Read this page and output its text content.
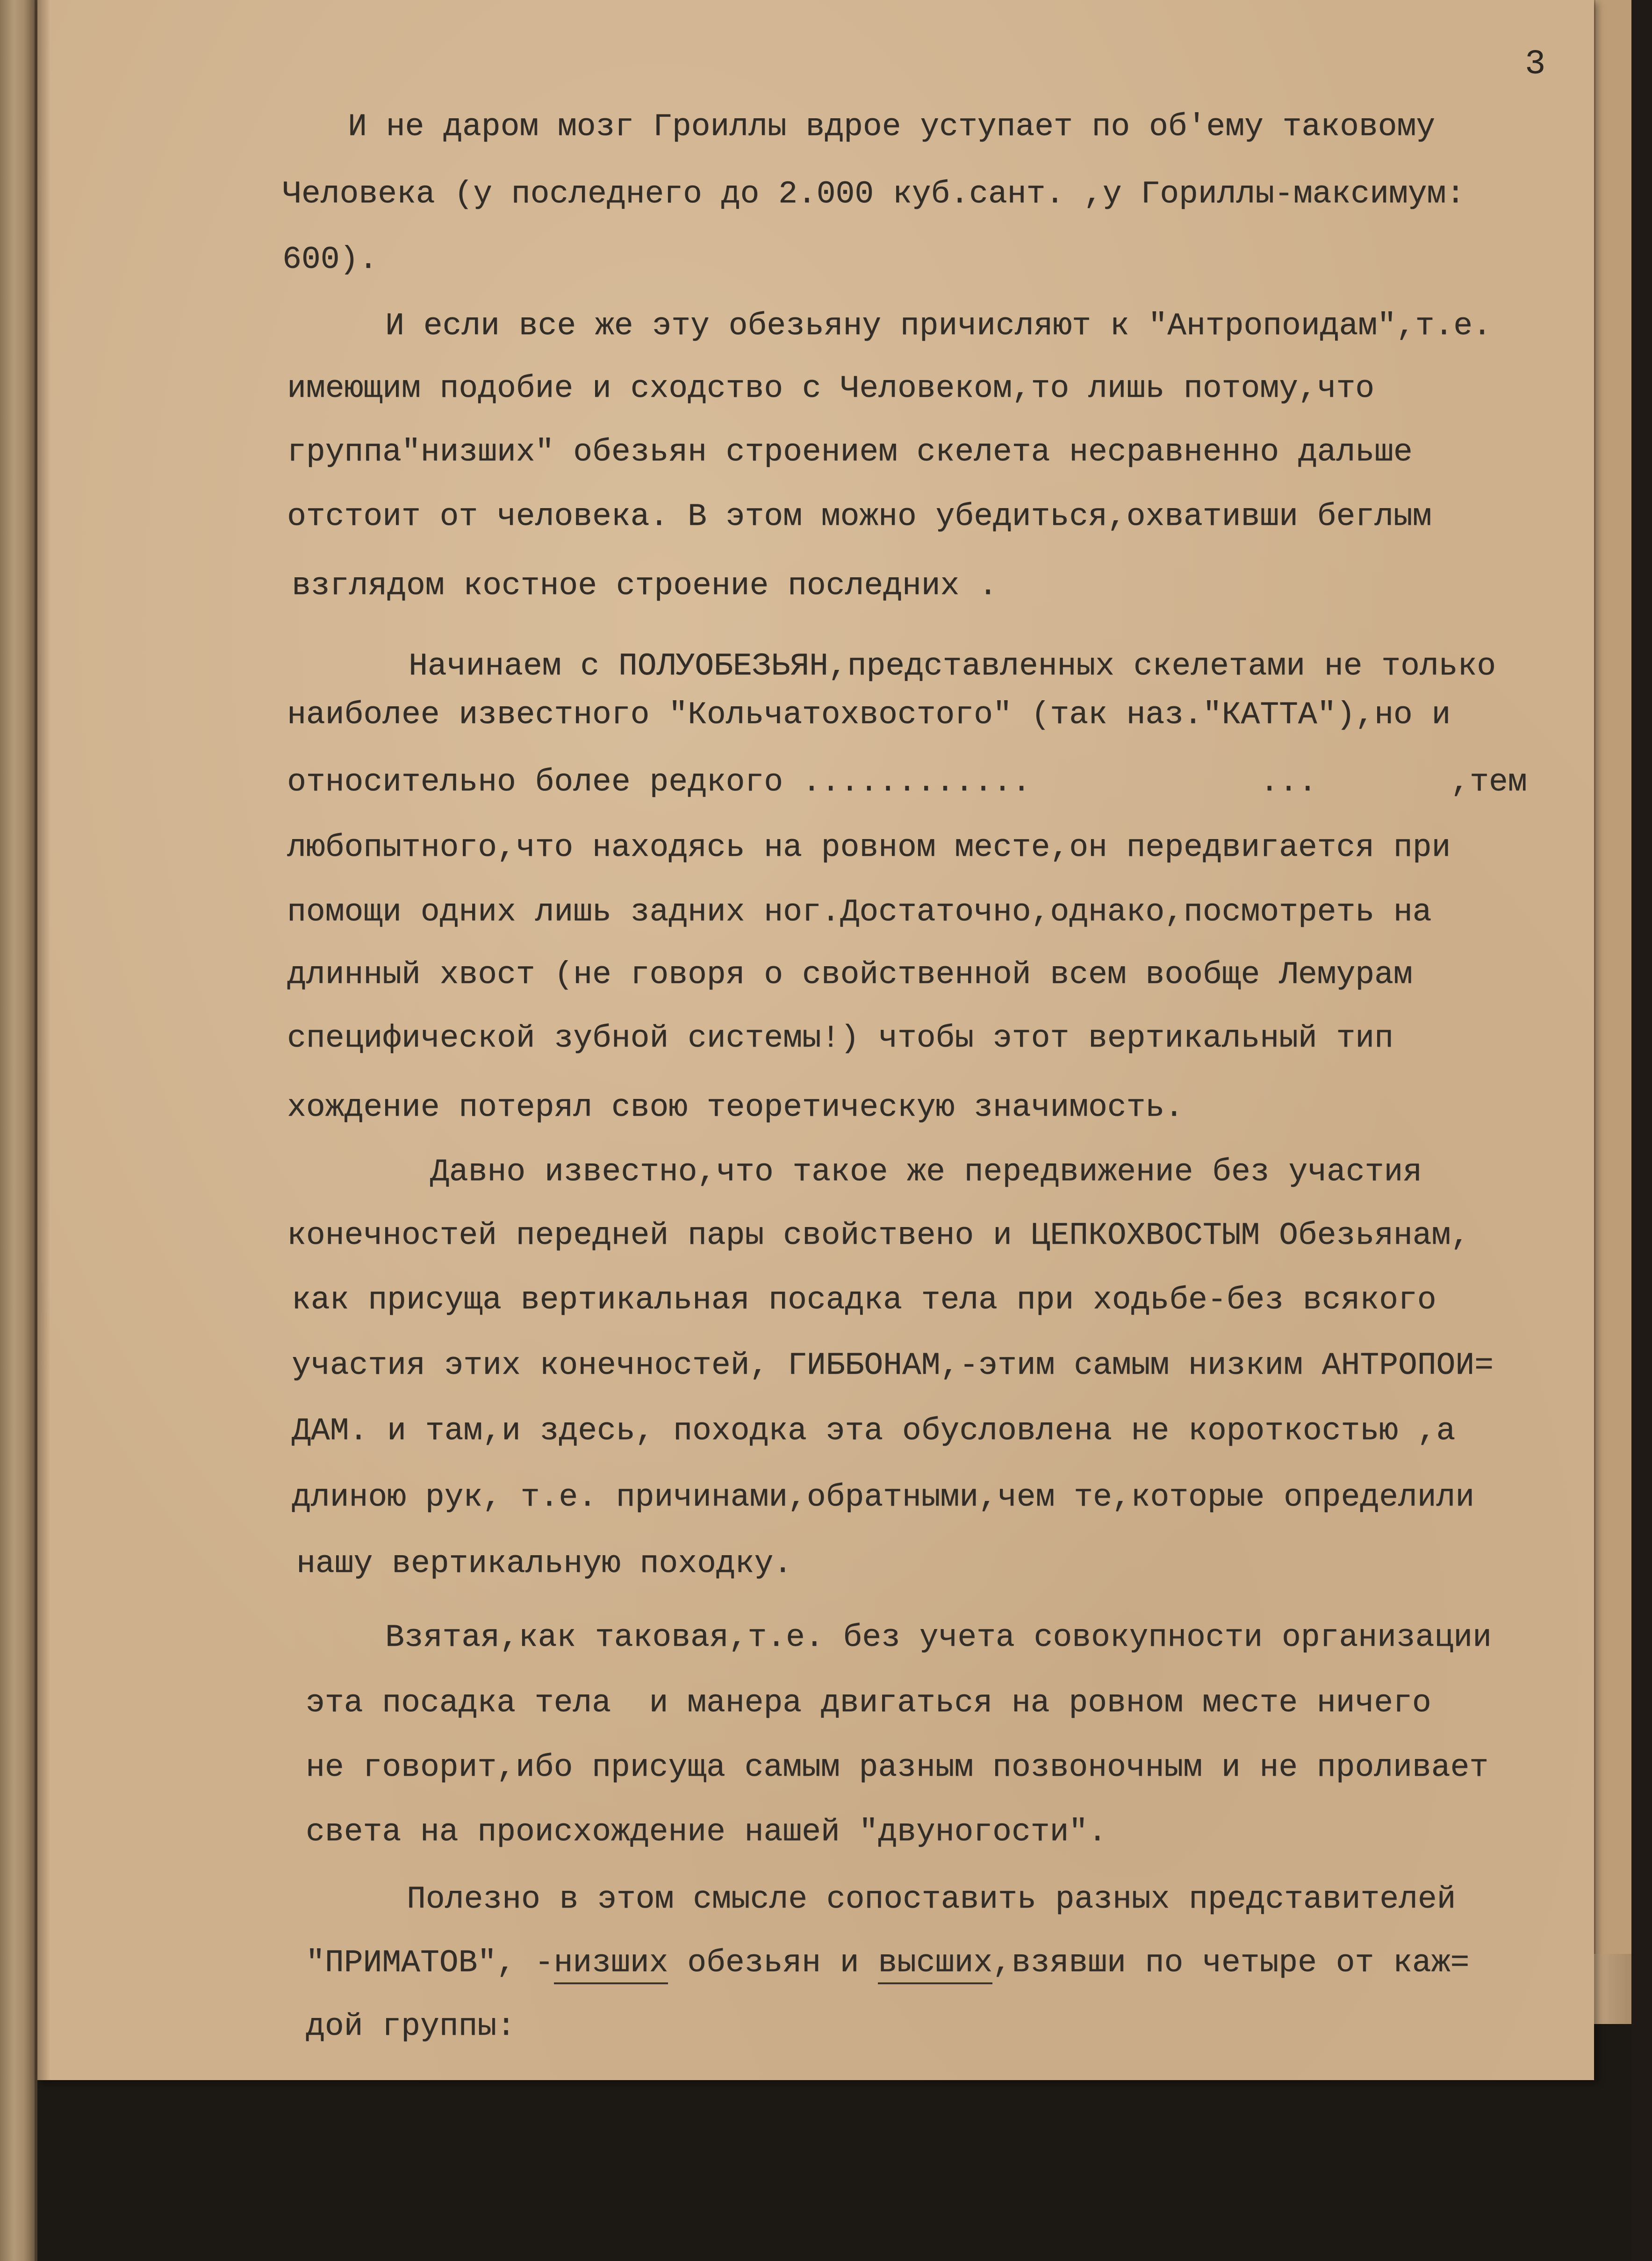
3
И не даром мозг Гроиллы вдрое уступает по об'ему таковому
Человека (у последнего до 2.000 куб.сант. ,у Гориллы-максимум:
600).
И если все же эту обезьяну причисляют к "Антропоидам",т.е.
имеющим подобие и сходство с Человеком,то лишь потому,что
группа"низших" обезьян строением скелета несравненно дальше
отстоит от человека. В этом можно убедиться,охвативши беглым
взглядом костное строение последних .
Начинаем с ПОЛУОБЕЗЬЯН,представленных скелетами не только
наиболее известного "Кольчатохвостого" (так наз."КАТТА"),но и
относительно более редкого ............            ...       ,тем
любопытного,что находясь на ровном месте,он передвигается при
помощи одних лишь задних ног.Достаточно,однако,посмотреть на
длинный хвост (не говоря о свойственной всем вообще Лемурам
специфической зубной системы!) чтобы этот вертикальный тип
хождение потерял свою теоретическую значимость.
Давно известно,что такое же передвижение без участия
конечностей передней пары свойствено и ЦЕПКОХВОСТЫМ Обезьянам,
как присуща вертикальная посадка тела при ходьбе-без всякого
участия этих конечностей, ГИББОНАМ,-этим самым низким АНТРОПОИ=
ДАМ. и там,и здесь, походка эта обусловлена не короткостью ,а
длиною рук, т.е. причинами,обратными,чем те,которые определили
нашу вертикальную походку.
Взятая,как таковая,т.е. без учета совокупности организации
эта посадка тела  и манера двигаться на ровном месте ничего
не говорит,ибо присуща самым разным позвоночным и не проливает
света на происхождение нашей "двуногости".
Полезно в этом смысле сопоставить разных представителей
"ПРИМАТОВ", -низших обезьян и высших,взявши по четыре от каж=
дой группы:
